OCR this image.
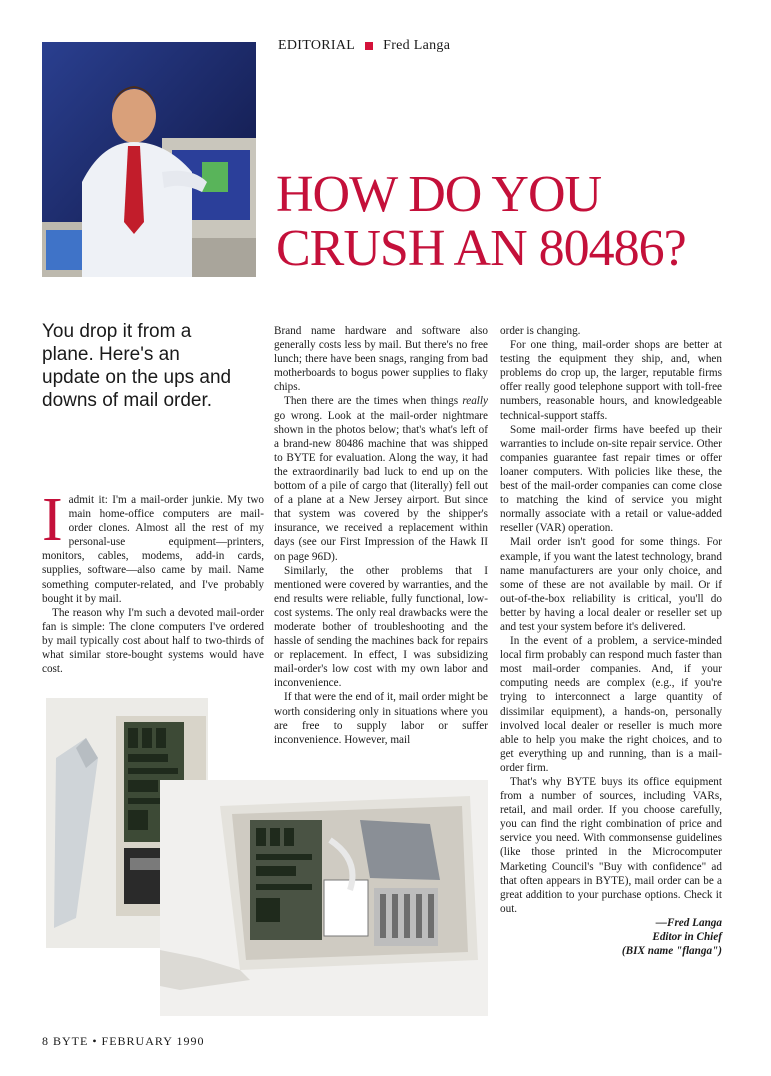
EDITORIAL Fred Langa
HOW DO YOU
CRUSH AN 80486?
You drop it from a plane. Here's an update on the ups and downs of mail order.

I admit it: I'm a mail-order junkie. My two main home-office computers are mail-order clones. Almost all the rest of my personal-use equipment—printers, monitors, cables, modems, add-in cards, supplies, software—also came by mail. Name something computer-related, and I've probably bought it by mail.

The reason why I'm such a devoted mail-order fan is simple: The clone computers I've ordered by mail typically cost about half to two-thirds of what similar store-bought systems would have cost.

Brand name hardware and software also generally costs less by mail. But there's no free lunch; there have been snags, ranging from bad motherboards to bogus power supplies to flaky chips.

Then there are the times when things really go wrong. Look at the mail-order nightmare shown in the photos below; that's what's left of a brand-new 80486 machine that was shipped to BYTE for evaluation. Along the way, it had the extraordinarily bad luck to end up on the bottom of a pile of cargo that (literally) fell out of a plane at a New Jersey airport. But since that system was covered by the shipper's insurance, we received a replacement within days (see our First Impression of the Hawk II on page 96D).

Similarly, the other problems that I mentioned were covered by warranties, and the end results were reliable, fully functional, low-cost systems. The only real drawbacks were the moderate bother of troubleshooting and the hassle of sending the machines back for repairs or replacement. In effect, I was subsidizing mail-order's low cost with my own labor and inconvenience.

If that were the end of it, mail order might be worth considering only in situations where you are free to supply labor or suffer inconvenience. However, mail

order is changing.

For one thing, mail-order shops are better at testing the equipment they ship, and, when problems do crop up, the larger, reputable firms offer really good telephone support with toll-free numbers, reasonable hours, and knowledgeable technical-support staffs.

Some mail-order firms have beefed up their warranties to include on-site repair service. Other companies guarantee fast repair times or offer loaner computers. With policies like these, the best of the mail-order companies can come close to matching the kind of service you might normally associate with a retail or value-added reseller (VAR) operation.

Mail order isn't good for some things. For example, if you want the latest technology, brand name manufacturers are your only choice, and some of these are not available by mail. Or if out-of-the-box reliability is critical, you'll do better by having a local dealer or reseller set up and test your system before it's delivered.

In the event of a problem, a service-minded local firm probably can respond much faster than most mail-order companies. And, if your computing needs are complex (e.g., if you're trying to interconnect a large quantity of dissimilar equipment), a hands-on, personally involved local dealer or reseller is much more able to help you make the right choices, and to get everything up and running, than is a mail-order firm.

That's why BYTE buys its office equipment from a number of sources, including VARs, retail, and mail order. If you choose carefully, you can find the right combination of price and service you need. With commonsense guidelines (like those printed in the Microcomputer Marketing Council's "Buy with confidence" ad that often appears in BYTE), mail order can be a great addition to your purchase options. Check it out.

—Fred Langa
Editor in Chief
(BIX name "flanga")
8 BYTE • FEBRUARY 1990
